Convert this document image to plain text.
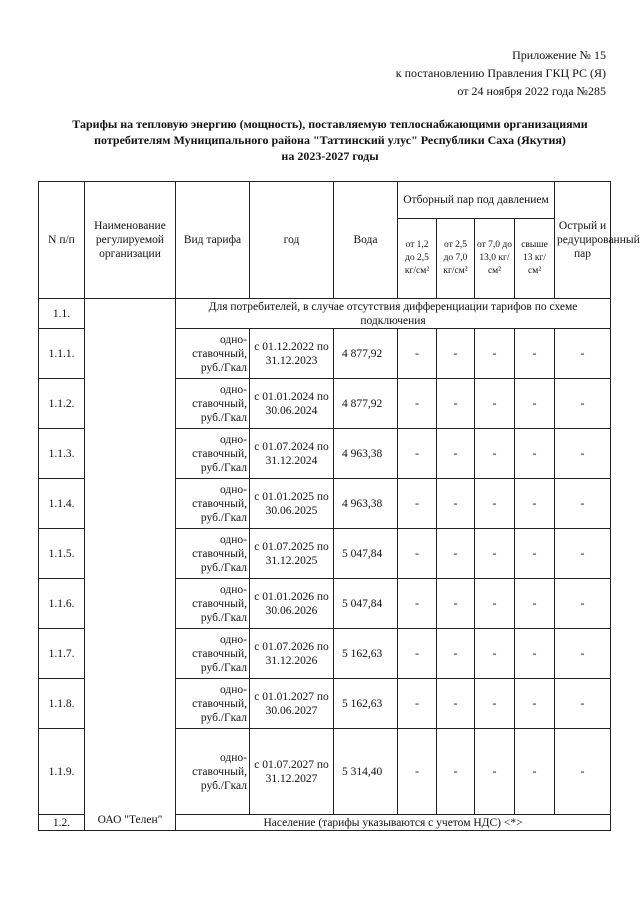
Приложение № 15
к постановлению Правления ГКЦ РС (Я)
от 24 ноября 2022 года №285
Тарифы на тепловую энергию (мощность), поставляемую теплоснабжающими организациями
потребителям Муниципального района "Таттинский улус" Республики Саха (Якутия)
на 2023-2027 годы
N п/п	Наименование регулируемой организации	Вид тарифа	год	Вода	Отборный пар под давлением				Острый и редуцированный пар
					от 1,2 до 2,5 кг/см²	от 2,5 до 7,0 кг/см²	от 7,0 до 13,0 кг/см²	свыше 13 кг/см²	
1.1.	ОАО "Телен"	Для потребителей, в случае отсутствия дифференциации тарифов по схеме подключения							
1.1.1.		одно-ставочный, руб./Гкал	с 01.12.2022 по 31.12.2023	4 877,92	-	-	-	-	-
1.1.2.		одно-ставочный, руб./Гкал	с 01.01.2024 по 30.06.2024	4 877,92	-	-	-	-	-
1.1.3.		одно-ставочный, руб./Гкал	с 01.07.2024 по 31.12.2024	4 963,38	-	-	-	-	-
1.1.4.		одно-ставочный, руб./Гкал	с 01.01.2025 по 30.06.2025	4 963,38	-	-	-	-	-
1.1.5.		одно-ставочный, руб./Гкал	с 01.07.2025 по 31.12.2025	5 047,84	-	-	-	-	-
1.1.6.		одно-ставочный, руб./Гкал	с 01.01.2026 по 30.06.2026	5 047,84	-	-	-	-	-
1.1.7.		одно-ставочный, руб./Гкал	с 01.07.2026 по 31.12.2026	5 162,63	-	-	-	-	-
1.1.8.		одно-ставочный, руб./Гкал	с 01.01.2027 по 30.06.2027	5 162,63	-	-	-	-	-
1.1.9.		одно-ставочный, руб./Гкал	с 01.07.2027 по 31.12.2027	5 314,40	-	-	-	-	-
1.2.		Население (тарифы указываются с учетом НДС) <*>							
